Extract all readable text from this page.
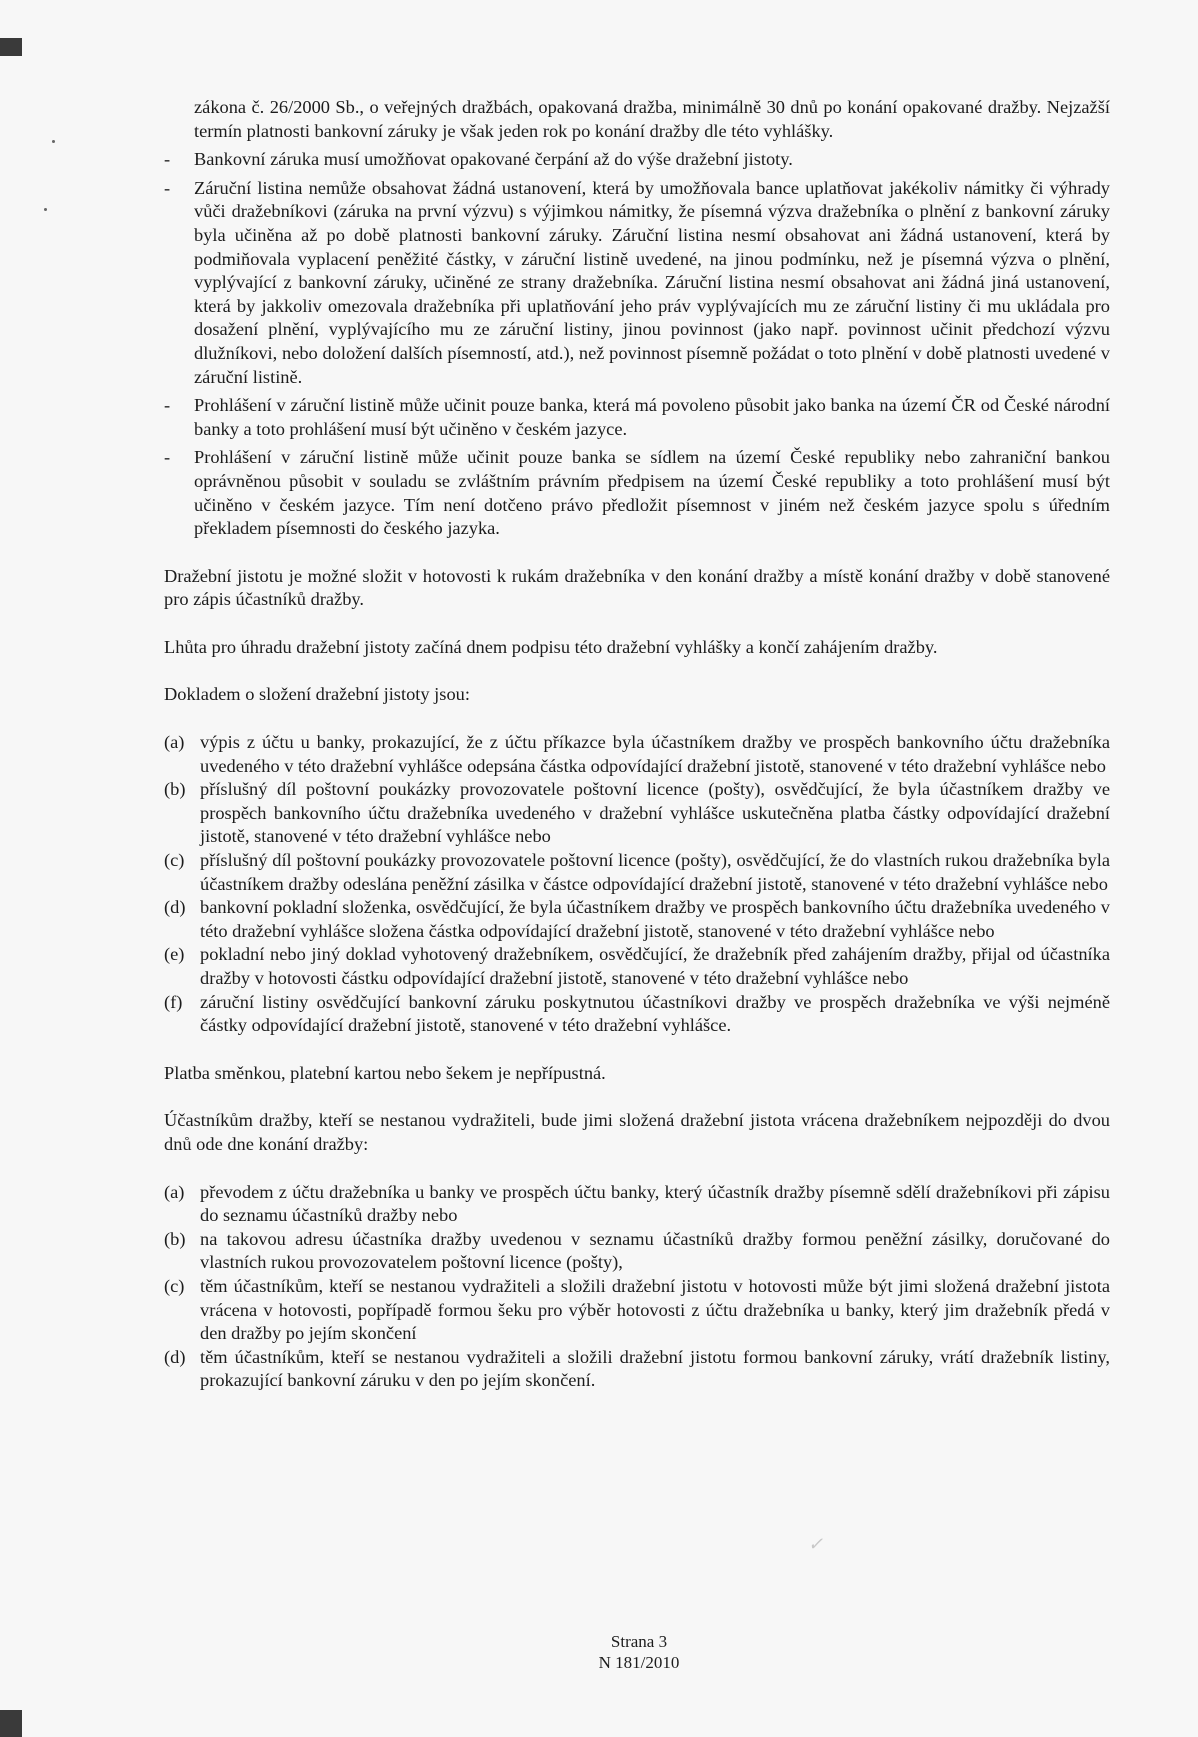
zákona č. 26/2000 Sb., o veřejných dražbách, opakovaná dražba, minimálně 30 dnů po konání opakované dražby. Nejzažší termín platnosti bankovní záruky je však jeden rok po konání dražby dle této vyhlášky.

- Bankovní záruka musí umožňovat opakované čerpání až do výše dražební jistoty.
- Záruční listina nemůže obsahovat žádná ustanovení, která by umožňovala bance uplatňovat jakékoliv námitky či výhrady vůči dražebníkovi (záruka na první výzvu) s výjimkou námitky, že písemná výzva dražebníka o plnění z bankovní záruky byla učiněna až po době platnosti bankovní záruky. Záruční listina nesmí obsahovat ani žádná ustanovení, která by podmiňovala vyplacení peněžité částky, v záruční listině uvedené, na jinou podmínku, než je písemná výzva o plnění, vyplývající z bankovní záruky, učiněné ze strany dražebníka. Záruční listina nesmí obsahovat ani žádná jiná ustanovení, která by jakkoliv omezovala dražebníka při uplatňování jeho práv vyplývajících mu ze záruční listiny či mu ukládala pro dosažení plnění, vyplývajícího mu ze záruční listiny, jinou povinnost (jako např. povinnost učinit předchozí výzvu dlužníkovi, nebo doložení dalších písemností, atd.), než povinnost písemně požádat o toto plnění v době platnosti uvedené v záruční listině.
- Prohlášení v záruční listině může učinit pouze banka, která má povoleno působit jako banka na území ČR od České národní banky a toto prohlášení musí být učiněno v českém jazyce.
- Prohlášení v záruční listině může učinit pouze banka se sídlem na území České republiky nebo zahraniční bankou oprávněnou působit v souladu se zvláštním právním předpisem na území České republiky a toto prohlášení musí být učiněno v českém jazyce. Tím není dotčeno právo předložit písemnost v jiném než českém jazyce spolu s úředním překladem písemnosti do českého jazyka.

Dražební jistotu je možné složit v hotovosti k rukám dražebníka v den konání dražby a místě konání dražby v době stanovené pro zápis účastníků dražby.

Lhůta pro úhradu dražební jistoty začíná dnem podpisu této dražební vyhlášky a končí zahájením dražby.

Dokladem o složení dražební jistoty jsou:

(a) výpis z účtu u banky, prokazující, že z účtu příkazce byla účastníkem dražby ve prospěch bankovního účtu dražebníka uvedeného v této dražební vyhlášce odepsána částka odpovídající dražební jistotě, stanovené v této dražební vyhlášce nebo
(b) příslušný díl poštovní poukázky provozovatele poštovní licence (pošty), osvědčující, že byla účastníkem dražby ve prospěch bankovního účtu dražebníka uvedeného v dražební vyhlášce uskutečněna platba částky odpovídající dražební jistotě, stanovené v této dražební vyhlášce nebo
(c) příslušný díl poštovní poukázky provozovatele poštovní licence (pošty), osvědčující, že do vlastních rukou dražebníka byla účastníkem dražby odeslána peněžní zásilka v částce odpovídající dražební jistotě, stanovené v této dražební vyhlášce nebo
(d) bankovní pokladní složenka, osvědčující, že byla účastníkem dražby ve prospěch bankovního účtu dražebníka uvedeného v této dražební vyhlášce složena částka odpovídající dražební jistotě, stanovené v této dražební vyhlášce nebo
(e) pokladní nebo jiný doklad vyhotovený dražebníkem, osvědčující, že dražebník před zahájením dražby, přijal od účastníka dražby v hotovosti částku odpovídající dražební jistotě, stanovené v této dražební vyhlášce nebo
(f) záruční listiny osvědčující bankovní záruku poskytnutou účastníkovi dražby ve prospěch dražebníka ve výši nejméně částky odpovídající dražební jistotě, stanovené v této dražební vyhlášce.

Platba směnkou, platební kartou nebo šekem je nepřípustná.

Účastníkům dražby, kteří se nestanou vydražiteli, bude jimi složená dražební jistota vrácena dražebníkem nejpozději do dvou dnů ode dne konání dražby:

(a) převodem z účtu dražebníka u banky ve prospěch účtu banky, který účastník dražby písemně sdělí dražebníkovi při zápisu do seznamu účastníků dražby nebo
(b) na takovou adresu účastníka dražby uvedenou v seznamu účastníků dražby formou peněžní zásilky, doručované do vlastních rukou provozovatelem poštovní licence (pošty),
(c) těm účastníkům, kteří se nestanou vydražiteli a složili dražební jistotu v hotovosti může být jimi složená dražební jistota vrácena v hotovosti, popřípadě formou šeku pro výběr hotovosti z účtu dražebníka u banky, který jim dražebník předá v den dražby po jejím skončení
(d) těm účastníkům, kteří se nestanou vydražiteli a složili dražební jistotu formou bankovní záruky, vrátí dražebník listiny, prokazující bankovní záruku v den po jejím skončení.
✓
Strana 3
N 181/2010
